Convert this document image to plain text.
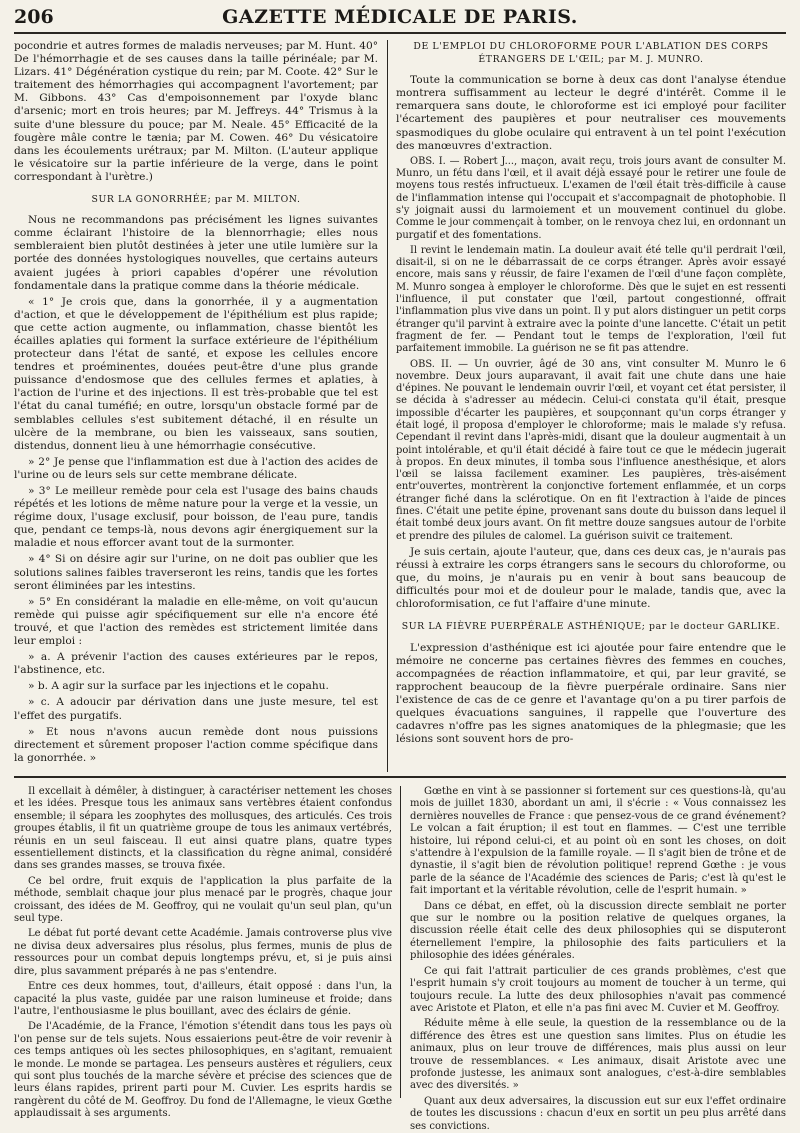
206	GAZETTE MÉDICALE DE PARIS.

pocondrie et autres formes de maladis nerveuses; par M. Hunt. 40° De l'hémorrhagie et de ses causes dans la taille périnéale; par M. Lizars. 41° Dégénération cystique du rein; par M. Coote. 42° Sur le traitement des hémorrhagies qui accompagnent l'avortement; par M. Gibbons. 43° Cas d'empoisonnement par l'oxyde blanc d'arsenic; mort en trois heures; par M. Jeffreys. 44° Trismus à la suite d'une blessure du pouce; par M. Neale. 45° Efficacité de la fougère mâle contre le tænia; par M. Cowen. 46° Du vésicatoire dans les écoulements urétraux; par M. Milton. (L'auteur applique le vésicatoire sur la partie inférieure de la verge, dans le point correspondant à l'urètre.)

SUR LA GONORRHÉE; par M. MILTON.

Nous ne recommandons pas précisément les lignes suivantes comme éclairant l'histoire de la blennorrhagie; elles nous sembleraient bien plutôt destinées à jeter une utile lumière sur la portée des données hystologiques nouvelles, que certains auteurs avaient jugées à priori capables d'opérer une révolution fondamentale dans la pratique comme dans la théorie médicale.

« 1° Je crois que, dans la gonorrhée, il y a augmentation d'action, et que le développement de l'épithélium est plus rapide; que cette action augmente, ou inflammation, chasse bientôt les écailles aplaties qui forment la surface extérieure de l'épithélium protecteur dans l'état de santé, et expose les cellules encore tendres et proéminentes, douées peut-être d'une plus grande puissance d'endosmose que des cellules fermes et aplaties, à l'action de l'urine et des injections. Il est très-probable que tel est l'état du canal tuméfié; en outre, lorsqu'un obstacle formé par de semblables cellules s'est subitement détaché, il en résulte un ulcère de la membrane, ou bien les vaisseaux, sans soutien, distendus, donnent lieu à une hémorrhagie consécutive.

» 2° Je pense que l'inflammation est due à l'action des acides de l'urine ou de leurs sels sur cette membrane délicate.

» 3° Le meilleur remède pour cela est l'usage des bains chauds répétés et les lotions de même nature pour la verge et la vessie, un régime doux, l'usage exclusif, pour boisson, de l'eau pure, tandis que, pendant ce temps-là, nous devons agir énergiquement sur la maladie et nous efforcer avant tout de la surmonter.

» 4° Si on désire agir sur l'urine, on ne doit pas oublier que les solutions salines faibles traverseront les reins, tandis que les fortes seront éliminées par les intestins.

» 5° En considérant la maladie en elle-même, on voit qu'aucun remède qui puisse agir spécifiquement sur elle n'a encore été trouvé, et que l'action des remèdes est strictement limitée dans leur emploi :

» a. A prévenir l'action des causes extérieures par le repos, l'abstinence, etc.

» b. A agir sur la surface par les injections et le copahu.

» c. A adoucir par dérivation dans une juste mesure, tel est l'effet des purgatifs.

» Et nous n'avons aucun remède dont nous puissions directement et sûrement proposer l'action comme spécifique dans la gonorrhée. »

DE L'EMPLOI DU CHLOROFORME POUR L'ABLATION DES CORPS ÉTRANGERS DE L'ŒIL; par M. J. MUNRO.

Toute la communication se borne à deux cas dont l'analyse étendue montrera suffisamment au lecteur le degré d'intérêt. Comme il le remarquera sans doute, le chloroforme est ici employé pour faciliter l'écartement des paupières et pour neutraliser ces mouvements spasmodiques du globe oculaire qui entravent à un tel point l'exécution des manœuvres d'extraction.

OBS. I. — Robert J..., maçon, avait reçu, trois jours avant de consulter M. Munro, un fétu dans l'œil, et il avait déjà essayé pour le retirer une foule de moyens tous restés infructueux. L'examen de l'œil était très-difficile à cause de l'inflammation intense qui l'occupait et s'accompagnait de photophobie. Il s'y joignait aussi du larmoiement et un mouvement continuel du globe. Comme le jour commençait à tomber, on le renvoya chez lui, en ordonnant un purgatif et des fomentations.

Il revint le lendemain matin. La douleur avait été telle qu'il perdrait l'œil, disait-il, si on ne le débarrassait de ce corps étranger. Après avoir essayé encore, mais sans y réussir, de faire l'examen de l'œil d'une façon complète, M. Munro songea à employer le chloroforme. Dès que le sujet en est ressenti l'influence, il put constater que l'œil, partout congestionné, offrait l'inflammation plus vive dans un point. Il y put alors distinguer un petit corps étranger qu'il parvint à extraire avec la pointe d'une lancette. C'était un petit fragment de fer. — Pendant tout le temps de l'exploration, l'œil fut parfaitement immobile. La guérison ne se fit pas attendre.

OBS. II. — Un ouvrier, âgé de 30 ans, vint consulter M. Munro le 6 novembre. Deux jours auparavant, il avait fait une chute dans une haie d'épines. Ne pouvant le lendemain ouvrir l'œil, et voyant cet état persister, il se décida à s'adresser au médecin. Celui-ci constata qu'il était, presque impossible d'écarter les paupières, et soupçonnant qu'un corps étranger y était logé, il proposa d'employer le chloroforme; mais le malade s'y refusa. Cependant il revint dans l'après-midi, disant que la douleur augmentait à un point intolérable, et qu'il était décidé à faire tout ce que le médecin jugerait à propos. En deux minutes, il tomba sous l'influence anesthésique, et alors l'œil se laissa facilement examiner. Les paupières, très-aisément entr'ouvertes, montrèrent la conjonctive fortement enflammée, et un corps étranger fiché dans la sclérotique. On en fit l'extraction à l'aide de pinces fines. C'était une petite épine, provenant sans doute du buisson dans lequel il était tombé deux jours avant. On fit mettre douze sangsues autour de l'orbite et prendre des pilules de calomel. La guérison suivit ce traitement.

Je suis certain, ajoute l'auteur, que, dans ces deux cas, je n'aurais pas réussi à extraire les corps étrangers sans le secours du chloroforme, ou que, du moins, je n'aurais pu en venir à bout sans beaucoup de difficultés pour moi et de douleur pour le malade, tandis que, avec la chloroformisation, ce fut l'affaire d'une minute.

SUR LA FIÈVRE PUERPÉRALE ASTHÉNIQUE; par le docteur GARLIKE.

L'expression d'asthénique est ici ajoutée pour faire entendre que le mémoire ne concerne pas certaines fièvres des femmes en couches, accompagnées de réaction inflammatoire, et qui, par leur gravité, se rapprochent beaucoup de la fièvre puerpérale ordinaire. Sans nier l'existence de cas de ce genre et l'avantage qu'on a pu tirer parfois de quelques évacuations sanguines, il rappelle que l'ouverture des cadavres n'offre pas les signes anatomiques de la phlegmasie; que les lésions sont souvent hors de pro-

Il excellait à démêler, à distinguer, à caractériser nettement les choses et les idées. Presque tous les animaux sans vertèbres étaient confondus ensemble; il sépara les zoophytes des mollusques, des articulés. Ces trois groupes établis, il fit un quatrième groupe de tous les animaux vertébrés, réunis en un seul faisceau. Il eut ainsi quatre plans, quatre types essentiellement distincts, et la classification du règne animal, considéré dans ses grandes masses, se trouva fixée.

Ce bel ordre, fruit exquis de l'application la plus parfaite de la méthode, semblait chaque jour plus menacé par le progrès, chaque jour croissant, des idées de M. Geoffroy, qui ne voulait qu'un seul plan, qu'un seul type.

Le débat fut porté devant cette Académie. Jamais controverse plus vive ne divisa deux adversaires plus résolus, plus fermes, munis de plus de ressources pour un combat depuis longtemps prévu, et, si je puis ainsi dire, plus savamment préparés à ne pas s'entendre.

Entre ces deux hommes, tout, d'ailleurs, était opposé : dans l'un, la capacité la plus vaste, guidée par une raison lumineuse et froide; dans l'autre, l'enthousiasme le plus bouillant, avec des éclairs de génie.

De l'Académie, de la France, l'émotion s'étendit dans tous les pays où l'on pense sur de tels sujets. Nous essaierions peut-être de voir revenir à ces temps antiques où les sectes philosophiques, en s'agitant, remuaient le monde. Le monde se partagea. Les penseurs austères et réguliers, ceux qui sont plus touchés de la marche sévère et précise des sciences que de leurs élans rapides, prirent parti pour M. Cuvier. Les esprits hardis se rangèrent du côté de M. Geoffroy. Du fond de l'Allemagne, le vieux Gœthe applaudissait à ses arguments.

Gœthe en vint à se passionner si fortement sur ces questions-là, qu'au mois de juillet 1830, abordant un ami, il s'écrie : « Vous connaissez les dernières nouvelles de France : que pensez-vous de ce grand événement? Le volcan a fait éruption; il est tout en flammes. — C'est une terrible histoire, lui répond celui-ci, et au point où en sont les choses, on doit s'attendre à l'expulsion de la famille royale. — Il s'agit bien de trône et de dynastie, il s'agit bien de révolution politique! reprend Gœthe : je vous parle de la séance de l'Académie des sciences de Paris; c'est là qu'est le fait important et la véritable révolution, celle de l'esprit humain. »

Dans ce débat, en effet, où la discussion directe semblait ne porter que sur le nombre ou la position relative de quelques organes, la discussion réelle était celle des deux philosophies qui se disputeront éternellement l'empire, la philosophie des faits particuliers et la philosophie des idées générales.

Ce qui fait l'attrait particulier de ces grands problèmes, c'est que l'esprit humain s'y croit toujours au moment de toucher à un terme, qui toujours recule. La lutte des deux philosophies n'avait pas commencé avec Aristote et Platon, et elle n'a pas fini avec M. Cuvier et M. Geoffroy.

Réduite même à elle seule, la question de la ressemblance ou de la différence des êtres est une question sans limites. Plus on étudie les animaux, plus on leur trouve de différences, mais plus aussi on leur trouve de ressemblances. « Les animaux, disait Aristote avec une profonde justesse, les animaux sont analogues, c'est-à-dire semblables avec des diversités. »

Quant aux deux adversaires, la discussion eut sur eux l'effet ordinaire de toutes les discussions : chacun d'eux en sortit un peu plus arrêté dans ses convictions.
